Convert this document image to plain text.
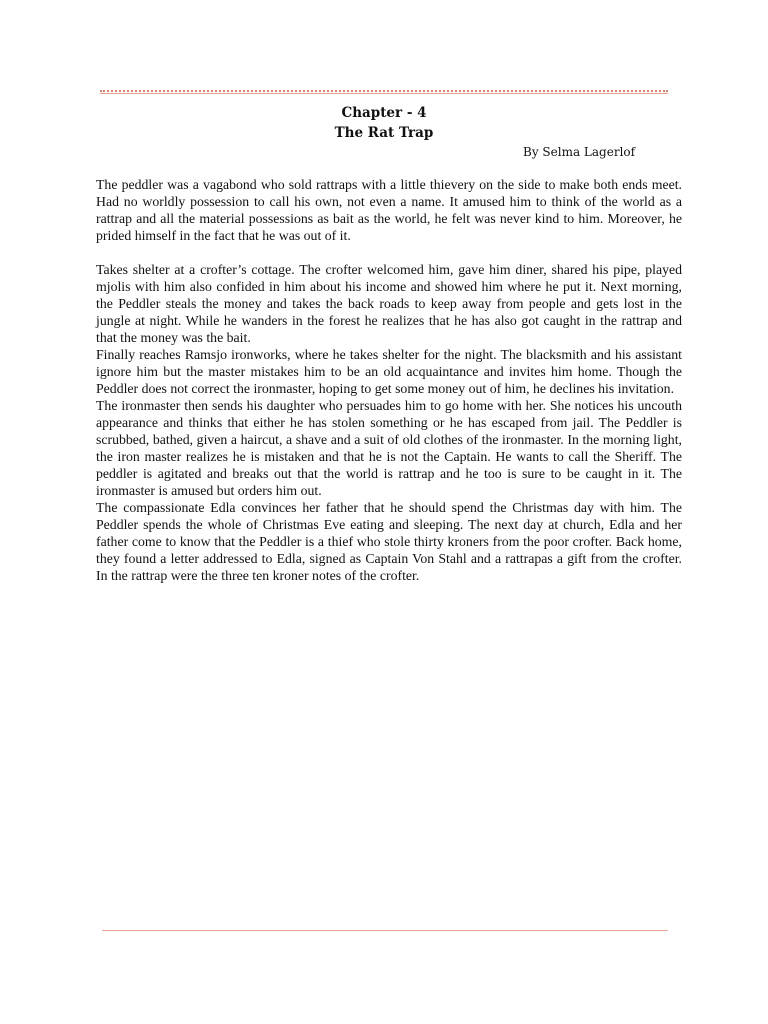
Chapter - 4
The Rat Trap
By Selma Lagerlof

The peddler was a vagabond who sold rattraps with a little thievery on the side to make both ends meet. Had no worldly possession to call his own, not even a name. It amused him to think of the world as a rattrap and all the material possessions as bait as the world, he felt was never kind to him. Moreover, he prided himself in the fact that he was out of it.

Takes shelter at a crofter’s cottage. The crofter welcomed him, gave him diner, shared his pipe, played mjolis with him also confided in him about his income and showed him where he put it. Next morning, the Peddler steals the money and takes the back roads to keep away from people and gets lost in the jungle at night. While he wanders in the forest he realizes that he has also got caught in the rattrap and that the money was the bait.

Finally reaches Ramsjo ironworks, where he takes shelter for the night. The blacksmith and his assistant ignore him but the master mistakes him to be an old acquaintance and invites him home. Though the Peddler does not correct the ironmaster, hoping to get some money out of him, he declines his invitation.

The ironmaster then sends his daughter who persuades him to go home with her. She notices his uncouth appearance and thinks that either he has stolen something or he has escaped from jail. The Peddler is scrubbed, bathed, given a haircut, a shave and a suit of old clothes of the ironmaster. In the morning light, the iron master realizes he is mistaken and that he is not the Captain. He wants to call the Sheriff. The peddler is agitated and breaks out that the world is rattrap and he too is sure to be caught in it. The ironmaster is amused but orders him out.

The compassionate Edla convinces her father that he should spend the Christmas day with him. The Peddler spends the whole of Christmas Eve eating and sleeping. The next day at church, Edla and her father come to know that the Peddler is a thief who stole thirty kroners from the poor crofter. Back home, they found a letter addressed to Edla, signed as Captain Von Stahl and a rattrapas a gift from the crofter. In the rattrap were the three ten kroner notes of the crofter.
